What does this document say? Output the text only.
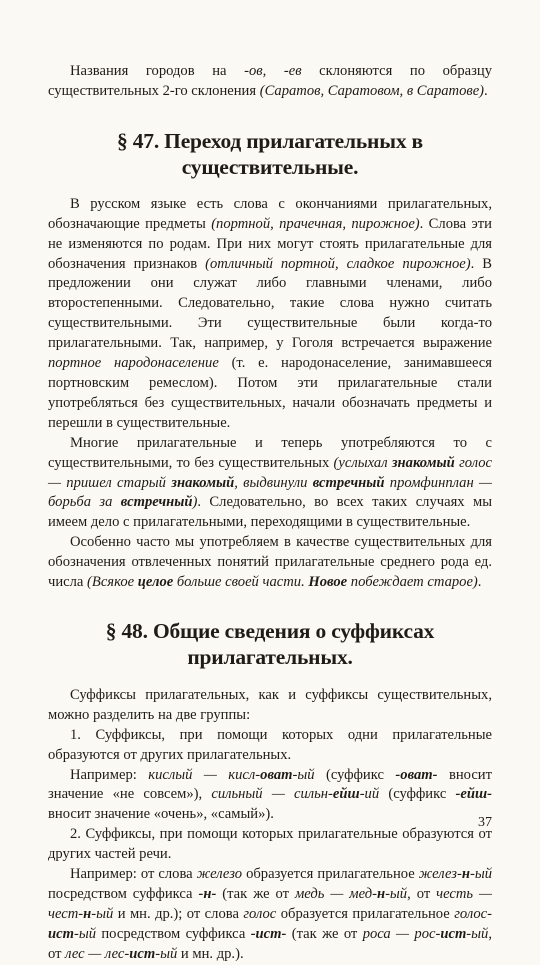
Названия городов на -ов, -ев склоняются по образцу существительных 2-го склонения (Саратов, Саратовом, в Саратове).

§ 47. Переход прилагательных в существительные.

В русском языке есть слова с окончаниями прилагательных, обозначающие предметы (портной, прачечная, пирожное). Слова эти не изменяются по родам. При них могут стоять прилагательные для обозначения признаков (отличный портной, сладкое пирожное). В предложении они служат либо главными членами, либо второстепенными. Следовательно, такие слова нужно считать существительными. Эти существительные были когда-то прилагательными. Так, например, у Гоголя встречается выражение портное народонаселение (т. е. народонаселение, занимавшееся портновским ремеслом). Потом эти прилагательные стали употребляться без существительных, начали обозначать предметы и перешли в существительные.

Многие прилагательные и теперь употребляются то с существительными, то без существительных (услыхал знакомый голос — пришел старый знакомый, выдвинули встречный промфинплан — борьба за встречный). Следовательно, во всех таких случаях мы имеем дело с прилагательными, переходящими в существительные.

Особенно часто мы употребляем в качестве существительных для обозначения отвлеченных понятий прилагательные среднего рода ед. числа (Всякое целое больше своей части. Новое побеждает старое).

§ 48. Общие сведения о суффиксах прилагательных.

Суффиксы прилагательных, как и суффиксы существительных, можно разделить на две группы:

1. Суффиксы, при помощи которых одни прилагательные образуются от других прилагательных.

Например: кислый — кисл-оват-ый (суффикс -оват- вносит значение «не совсем»), сильный — сильн-ейш-ий (суффикс -ейш- вносит значение «очень», «самый»).

2. Суффиксы, при помощи которых прилагательные образуются от других частей речи.

Например: от слова железо образуется прилагательное желез-н-ый посредством суффикса -н- (так же от медь — мед-н-ый, от честь — чест-н-ый и мн. др.); от слова голос образуется прилагательное голос-ист-ый посредством суффикса -ист- (так же от роса — рос-ист-ый, от лес — лес-ист-ый и мн. др.).

37
